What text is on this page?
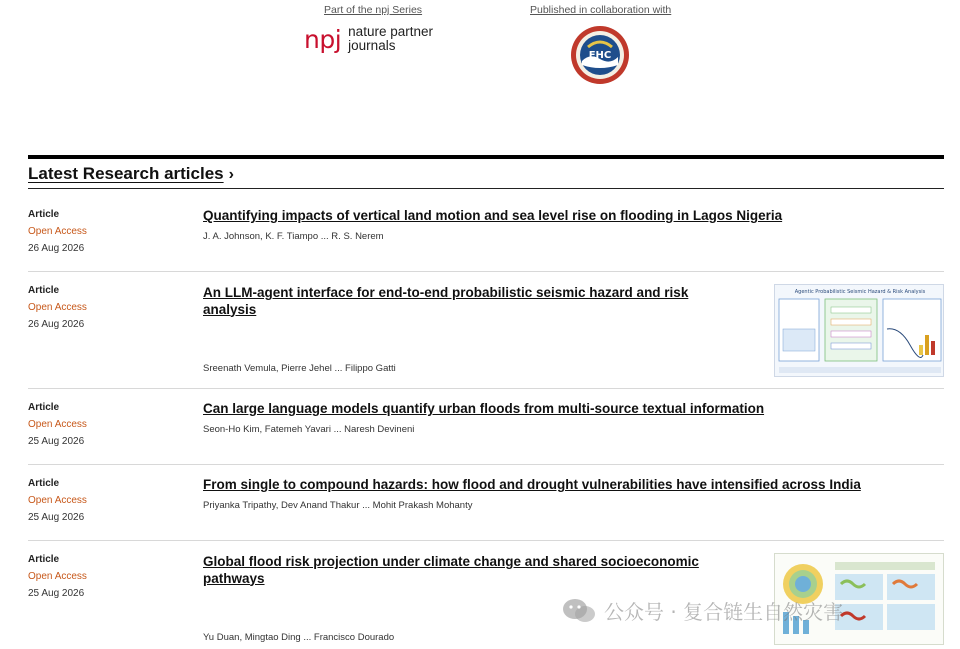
Part of the npj Series	Published in collaboration with
npj nature partner
journals
EHC
Latest Research articles ›
Article
Open Access
26 Aug 2026
Quantifying impacts of vertical land motion and sea level rise on flooding in Lagos Nigeria
J. A. Johnson, K. F. Tiampo ... R. S. Nerem
Article
Open Access
26 Aug 2026
An LLM-agent interface for end-to-end probabilistic seismic hazard and risk
analysis
Sreenath Vemula, Pierre Jehel ... Filippo Gatti
Agentic Probabilistic Seismic Hazard & Risk Analysis
Article
Open Access
25 Aug 2026
Can large language models quantify urban floods from multi-source textual information
Seon-Ho Kim, Fatemeh Yavari ... Naresh Devineni
Article
Open Access
25 Aug 2026
From single to compound hazards: how flood and drought vulnerabilities have intensified across India
Priyanka Tripathy, Dev Anand Thakur ... Mohit Prakash Mohanty
Article
Open Access
25 Aug 2026
Global flood risk projection under climate change and shared socioeconomic
pathways
Yu Duan, Mingtao Ding ... Francisco Dourado
公众号 · 复合链生自然灾害
